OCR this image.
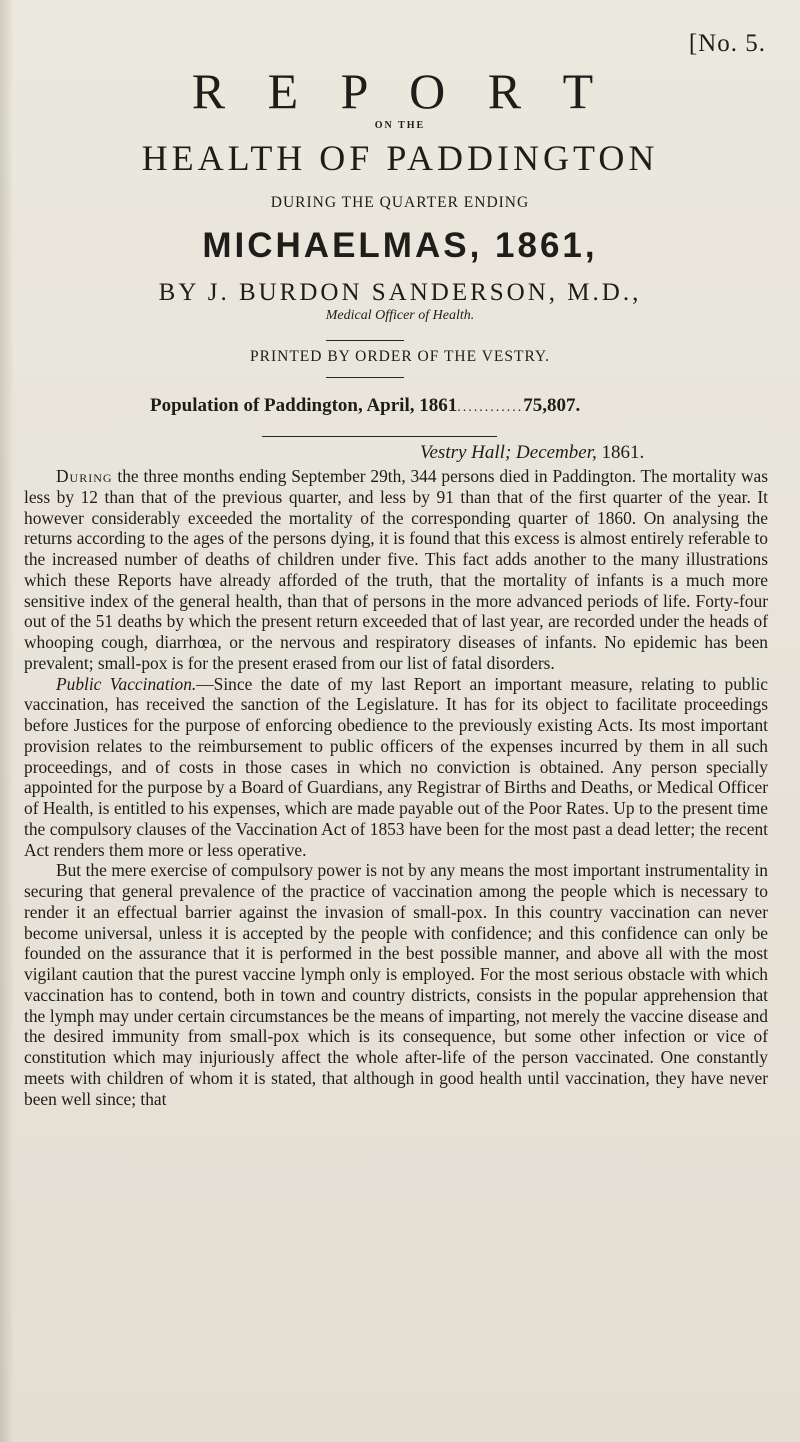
[No. 5.
R E P O R T
ON THE
HEALTH OF PADDINGTON
DURING THE QUARTER ENDING
MICHAELMAS, 1861,
BY J. BURDON SANDERSON, M.D.,
Medical Officer of Health.
PRINTED BY ORDER OF THE VESTRY.
Population of Paddington, April, 1861............75,807.
Vestry Hall; December, 1861.

During the three months ending September 29th, 344 persons died in Paddington. The mortality was less by 12 than that of the previous quarter, and less by 91 than that of the first quarter of the year. It however considerably exceeded the mortality of the corresponding quarter of 1860. On analysing the returns according to the ages of the persons dying, it is found that this excess is almost entirely referable to the increased number of deaths of children under five. This fact adds another to the many illustrations which these Reports have already afforded of the truth, that the mortality of infants is a much more sensitive index of the general health, than that of persons in the more advanced periods of life. Forty-four out of the 51 deaths by which the present return exceeded that of last year, are recorded under the heads of whooping cough, diarrhœa, or the nervous and respiratory diseases of infants. No epidemic has been prevalent; small-pox is for the present erased from our list of fatal disorders.

Public Vaccination.—Since the date of my last Report an important measure, relating to public vaccination, has received the sanction of the Legislature. It has for its object to facilitate proceedings before Justices for the purpose of enforcing obedience to the previously existing Acts. Its most important provision relates to the reimbursement to public officers of the expenses incurred by them in all such proceedings, and of costs in those cases in which no conviction is obtained. Any person specially appointed for the purpose by a Board of Guardians, any Registrar of Births and Deaths, or Medical Officer of Health, is entitled to his expenses, which are made payable out of the Poor Rates. Up to the present time the compulsory clauses of the Vaccination Act of 1853 have been for the most past a dead letter; the recent Act renders them more or less operative.

But the mere exercise of compulsory power is not by any means the most important instrumentality in securing that general prevalence of the practice of vaccination among the people which is necessary to render it an effectual barrier against the invasion of small-pox. In this country vaccination can never become universal, unless it is accepted by the people with confidence; and this confidence can only be founded on the assurance that it is performed in the best possible manner, and above all with the most vigilant caution that the purest vaccine lymph only is employed. For the most serious obstacle with which vaccination has to contend, both in town and country districts, consists in the popular apprehension that the lymph may under certain circumstances be the means of imparting, not merely the vaccine disease and the desired immunity from small-pox which is its consequence, but some other infection or vice of constitution which may injuriously affect the whole after-life of the person vaccinated. One constantly meets with children of whom it is stated, that although in good health until vaccination, they have never been well since; that
